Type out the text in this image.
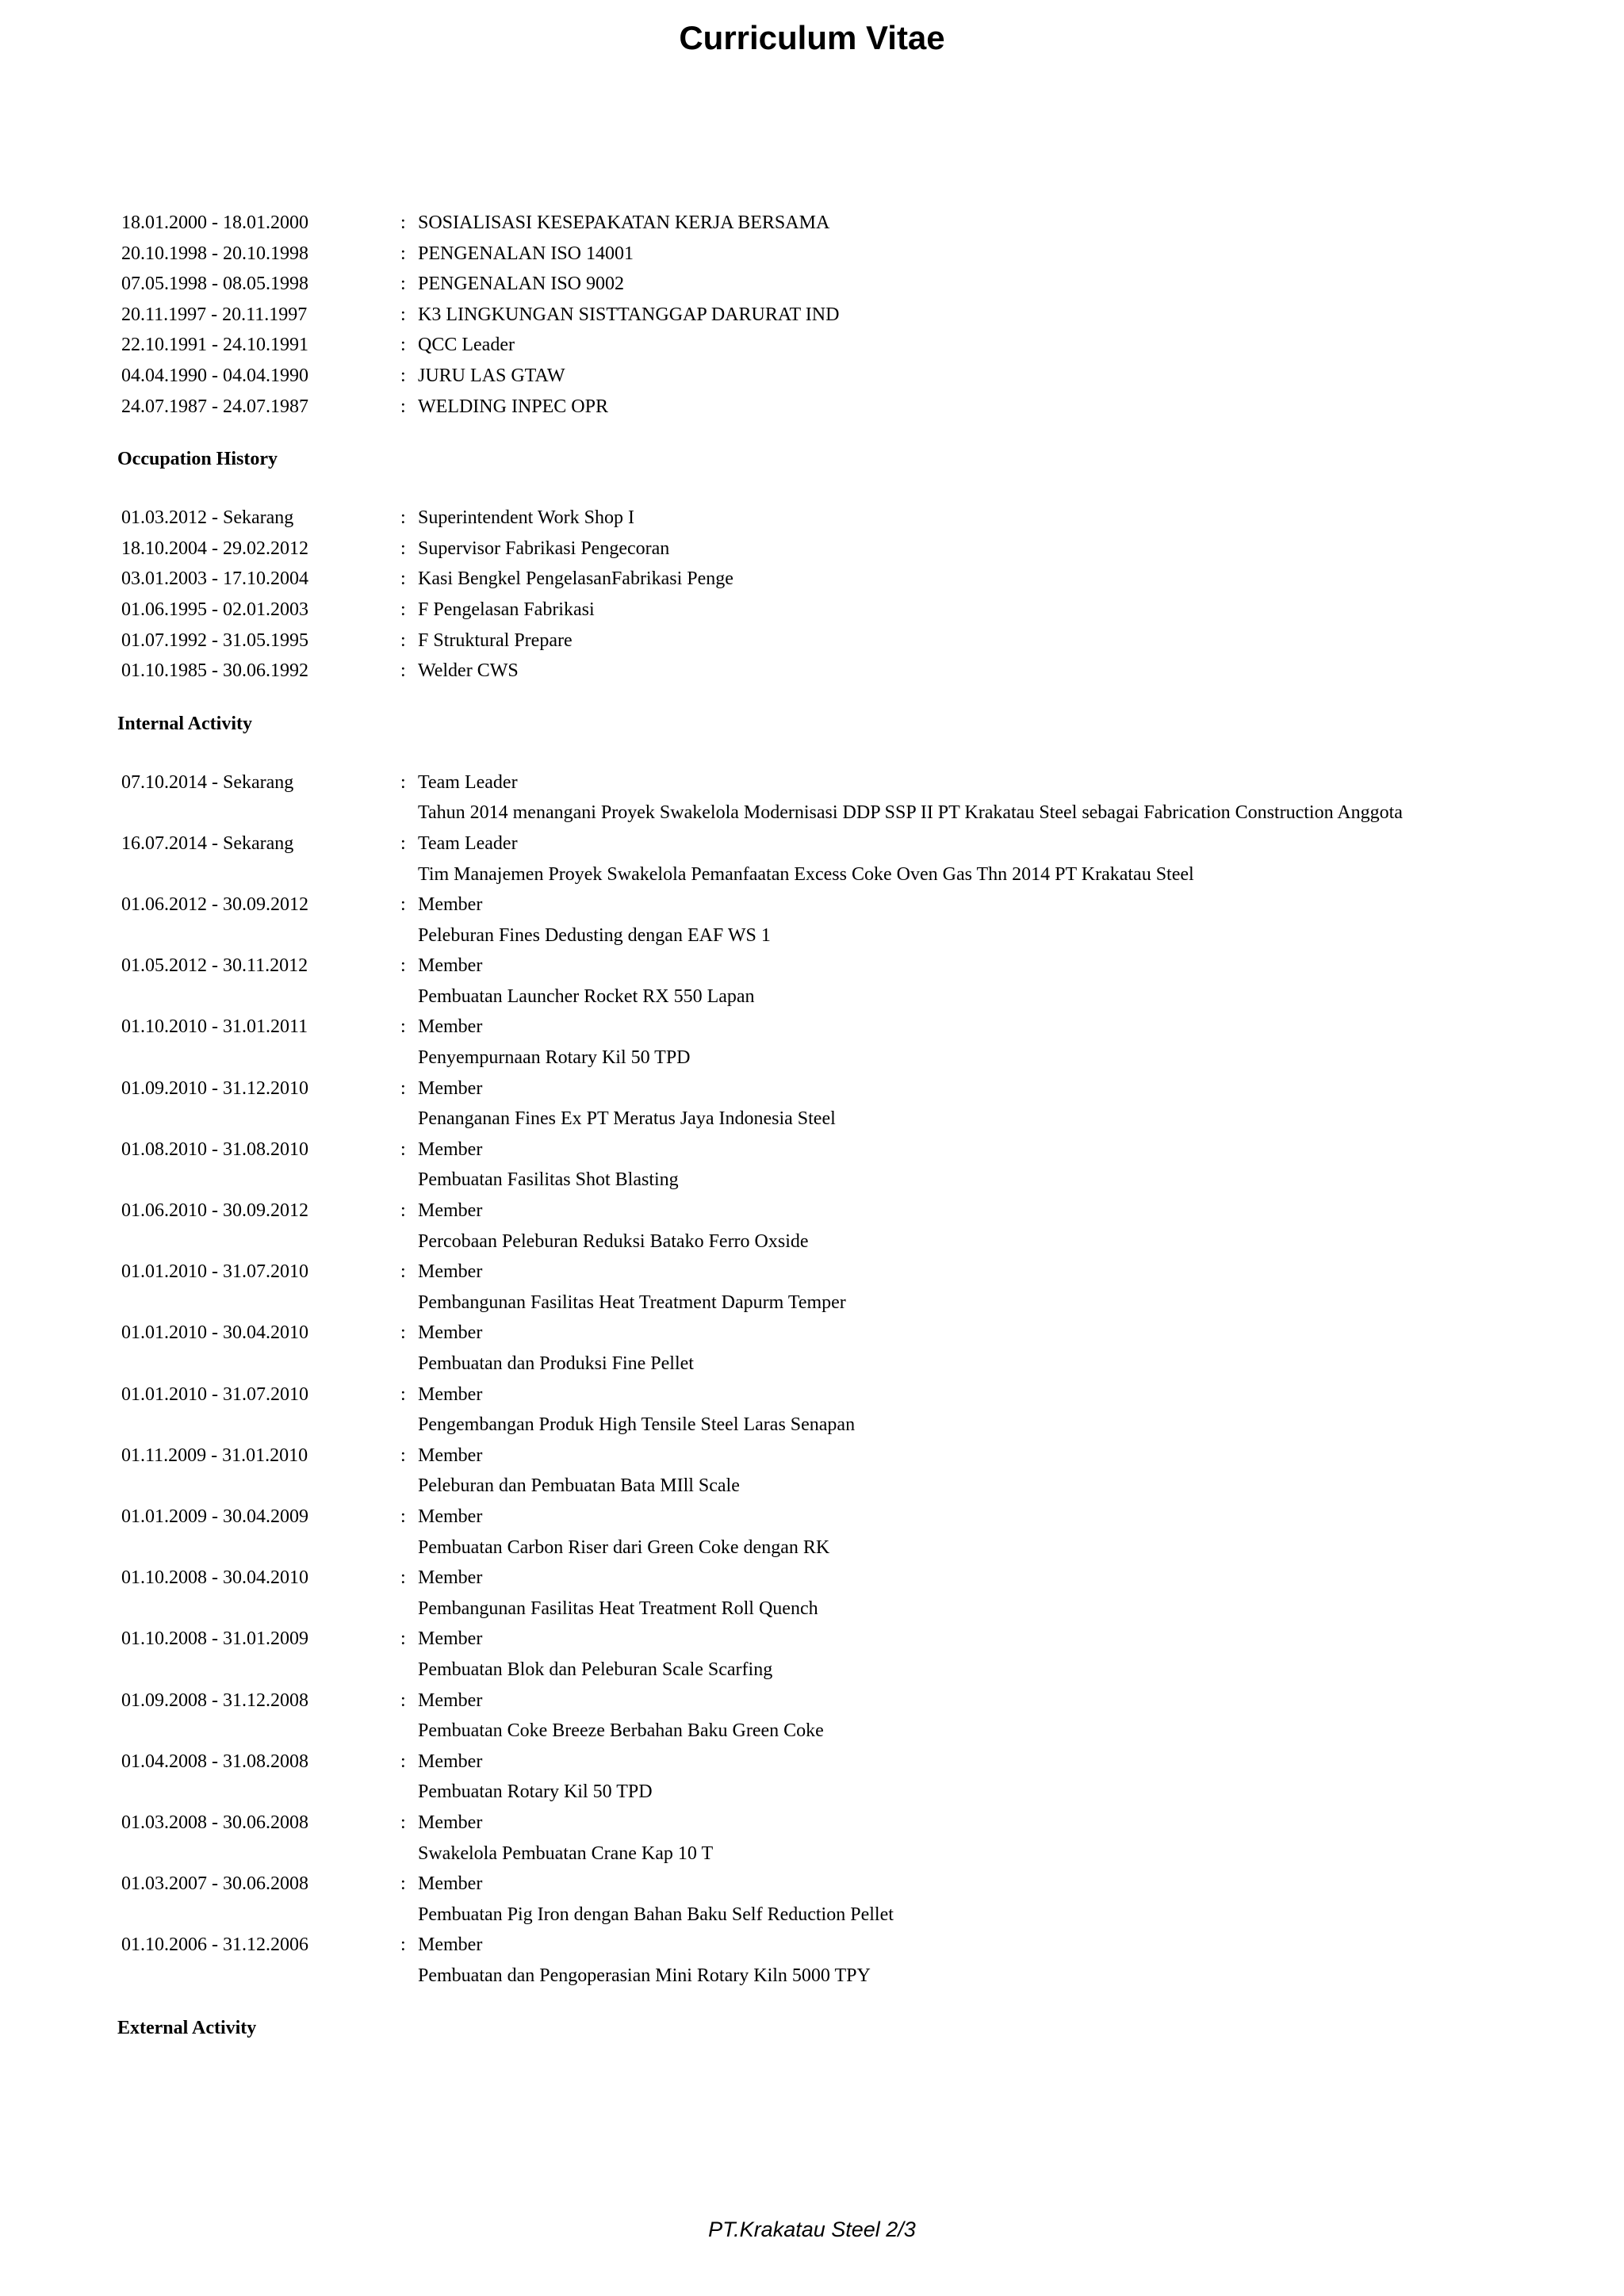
Curriculum Vitae
18.01.2000 - 18.01.2000	: SOSIALISASI KESEPAKATAN KERJA BERSAMA
20.10.1998 - 20.10.1998	: PENGENALAN ISO 14001
07.05.1998 - 08.05.1998	: PENGENALAN ISO 9002
20.11.1997 - 20.11.1997	: K3 LINGKUNGAN SISTTANGGAP DARURAT IND
22.10.1991 - 24.10.1991	: QCC Leader
04.04.1990 - 04.04.1990	: JURU LAS GTAW
24.07.1987 - 24.07.1987	: WELDING INPEC OPR
Occupation History
01.03.2012 - Sekarang	: Superintendent Work Shop I
18.10.2004 - 29.02.2012	: Supervisor Fabrikasi Pengecoran
03.01.2003 - 17.10.2004	: Kasi Bengkel PengelasanFabrikasi Penge
01.06.1995 - 02.01.2003	: F Pengelasan Fabrikasi
01.07.1992 - 31.05.1995	: F Struktural Prepare
01.10.1985 - 30.06.1992	: Welder CWS
Internal Activity
07.10.2014 - Sekarang	: Team Leader
Tahun 2014 menangani Proyek Swakelola Modernisasi DDP SSP II PT Krakatau Steel sebagai Fabrication Construction Anggota
16.07.2014 - Sekarang	: Team Leader
Tim Manajemen Proyek Swakelola Pemanfaatan Excess Coke Oven Gas Thn 2014 PT Krakatau Steel
01.06.2012 - 30.09.2012	: Member
Peleburan Fines Dedusting dengan EAF WS 1
01.05.2012 - 30.11.2012	: Member
Pembuatan Launcher Rocket RX 550 Lapan
01.10.2010 - 31.01.2011	: Member
Penyempurnaan Rotary Kil 50 TPD
01.09.2010 - 31.12.2010	: Member
Penanganan Fines Ex PT Meratus Jaya Indonesia Steel
01.08.2010 - 31.08.2010	: Member
Pembuatan Fasilitas Shot Blasting
01.06.2010 - 30.09.2012	: Member
Percobaan Peleburan Reduksi Batako Ferro Oxside
01.01.2010 - 31.07.2010	: Member
Pembangunan Fasilitas Heat Treatment Dapurm Temper
01.01.2010 - 30.04.2010	: Member
Pembuatan dan Produksi Fine Pellet
01.01.2010 - 31.07.2010	: Member
Pengembangan Produk High Tensile Steel Laras Senapan
01.11.2009 - 31.01.2010	: Member
Peleburan dan Pembuatan Bata MIll Scale
01.01.2009 - 30.04.2009	: Member
Pembuatan Carbon Riser dari Green Coke dengan RK
01.10.2008 - 30.04.2010	: Member
Pembangunan Fasilitas Heat Treatment Roll Quench
01.10.2008 - 31.01.2009	: Member
Pembuatan Blok dan Peleburan Scale Scarfing
01.09.2008 - 31.12.2008	: Member
Pembuatan Coke Breeze Berbahan Baku Green Coke
01.04.2008 - 31.08.2008	: Member
Pembuatan Rotary Kil 50 TPD
01.03.2008 - 30.06.2008	: Member
Swakelola Pembuatan Crane Kap 10 T
01.03.2007 - 30.06.2008	: Member
Pembuatan Pig Iron dengan Bahan Baku Self Reduction Pellet
01.10.2006 - 31.12.2006	: Member
Pembuatan dan Pengoperasian Mini Rotary Kiln 5000 TPY
External Activity
PT.Krakatau Steel 2/3
